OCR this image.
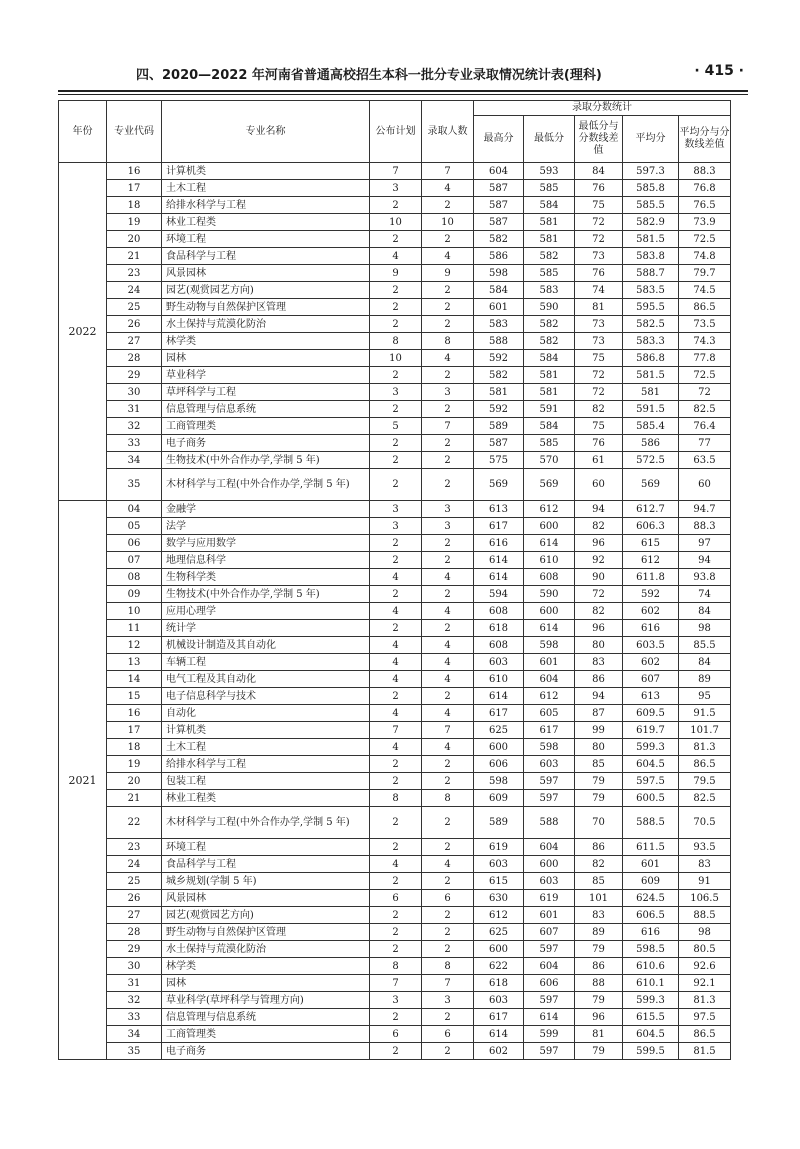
四、2020—2022 年河南省普通高校招生本科一批分专业录取情况统计表(理科)	· 415 ·
年份	专业代码	专业名称	公布计划	录取人数	录取分数统计				
					最高分	最低分	最低分与分数线差值	平均分	平均分与分数线差值
2022	16	计算机类	7	7	604	593	84	597.3	88.3
	17	土木工程	3	4	587	585	76	585.8	76.8
	18	给排水科学与工程	2	2	587	584	75	585.5	76.5
	19	林业工程类	10	10	587	581	72	582.9	73.9
	20	环境工程	2	2	582	581	72	581.5	72.5
	21	食品科学与工程	4	4	586	582	73	583.8	74.8
	23	风景园林	9	9	598	585	76	588.7	79.7
	24	园艺(观赏园艺方向)	2	2	584	583	74	583.5	74.5
	25	野生动物与自然保护区管理	2	2	601	590	81	595.5	86.5
	26	水土保持与荒漠化防治	2	2	583	582	73	582.5	73.5
	27	林学类	8	8	588	582	73	583.3	74.3
	28	园林	10	4	592	584	75	586.8	77.8
	29	草业科学	2	2	582	581	72	581.5	72.5
	30	草坪科学与工程	3	3	581	581	72	581	72
	31	信息管理与信息系统	2	2	592	591	82	591.5	82.5
	32	工商管理类	5	7	589	584	75	585.4	76.4
	33	电子商务	2	2	587	585	76	586	77
	34	生物技术(中外合作办学,学制 5 年)	2	2	575	570	61	572.5	63.5
	35	木材科学与工程(中外合作办学,学制 5 年)	2	2	569	569	60	569	60
2021	04	金融学	3	3	613	612	94	612.7	94.7
	05	法学	3	3	617	600	82	606.3	88.3
	06	数学与应用数学	2	2	616	614	96	615	97
	07	地理信息科学	2	2	614	610	92	612	94
	08	生物科学类	4	4	614	608	90	611.8	93.8
	09	生物技术(中外合作办学,学制 5 年)	2	2	594	590	72	592	74
	10	应用心理学	4	4	608	600	82	602	84
	11	统计学	2	2	618	614	96	616	98
	12	机械设计制造及其自动化	4	4	608	598	80	603.5	85.5
	13	车辆工程	4	4	603	601	83	602	84
	14	电气工程及其自动化	4	4	610	604	86	607	89
	15	电子信息科学与技术	2	2	614	612	94	613	95
	16	自动化	4	4	617	605	87	609.5	91.5
	17	计算机类	7	7	625	617	99	619.7	101.7
	18	土木工程	4	4	600	598	80	599.3	81.3
	19	给排水科学与工程	2	2	606	603	85	604.5	86.5
	20	包装工程	2	2	598	597	79	597.5	79.5
	21	林业工程类	8	8	609	597	79	600.5	82.5
	22	木材科学与工程(中外合作办学,学制 5 年)	2	2	589	588	70	588.5	70.5
	23	环境工程	2	2	619	604	86	611.5	93.5
	24	食品科学与工程	4	4	603	600	82	601	83
	25	城乡规划(学制 5 年)	2	2	615	603	85	609	91
	26	风景园林	6	6	630	619	101	624.5	106.5
	27	园艺(观赏园艺方向)	2	2	612	601	83	606.5	88.5
	28	野生动物与自然保护区管理	2	2	625	607	89	616	98
	29	水土保持与荒漠化防治	2	2	600	597	79	598.5	80.5
	30	林学类	8	8	622	604	86	610.6	92.6
	31	园林	7	7	618	606	88	610.1	92.1
	32	草业科学(草坪科学与管理方向)	3	3	603	597	79	599.3	81.3
	33	信息管理与信息系统	2	2	617	614	96	615.5	97.5
	34	工商管理类	6	6	614	599	81	604.5	86.5
	35	电子商务	2	2	602	597	79	599.5	81.5
